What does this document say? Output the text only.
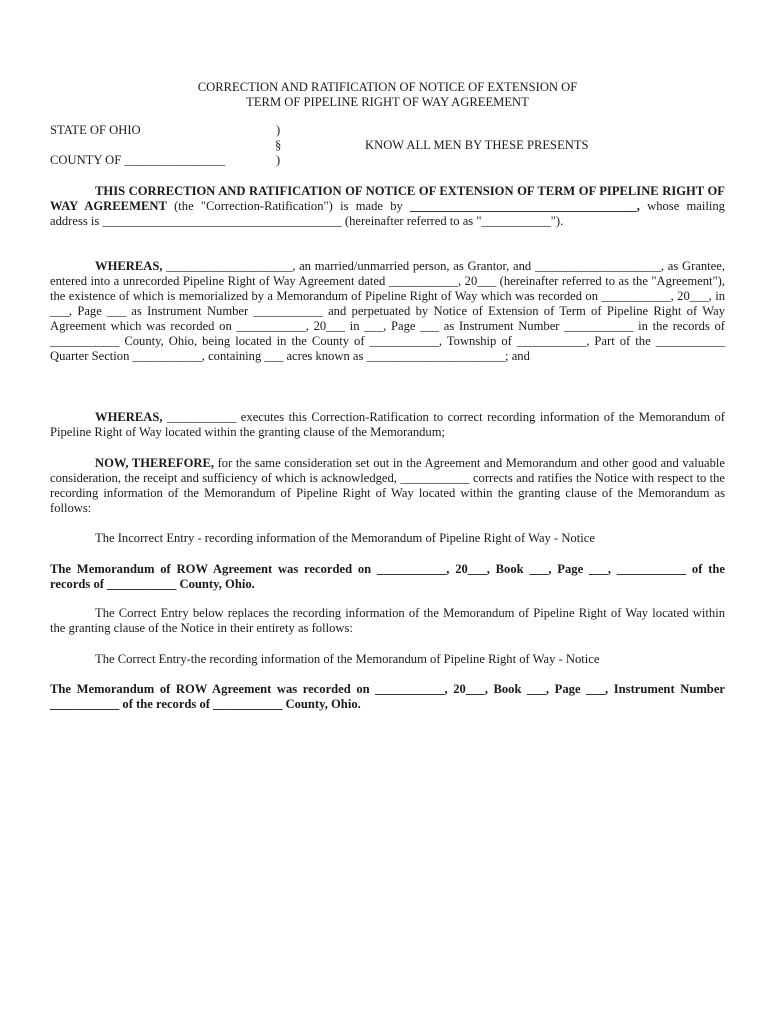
CORRECTION AND RATIFICATION OF NOTICE OF EXTENSION OF
TERM OF PIPELINE RIGHT OF WAY AGREEMENT
STATE OF OHIO
COUNTY OF ________________
)
§
)
KNOW ALL MEN BY THESE PRESENTS

THIS CORRECTION AND RATIFICATION OF NOTICE OF EXTENSION OF TERM OF PIPELINE RIGHT OF WAY AGREEMENT (the "Correction-Ratification") is made by ____________________________________, whose mailing address is ______________________________________ (hereinafter referred to as "___________").

WHEREAS, ____________________, an married/unmarried person, as Grantor, and ____________________, as Grantee, entered into a unrecorded Pipeline Right of Way Agreement dated ___________, 20___ (hereinafter referred to as the "Agreement"), the existence of which is memorialized by a Memorandum of Pipeline Right of Way which was recorded on ___________, 20___, in ___, Page ___ as Instrument Number ___________ and perpetuated by Notice of Extension of Term of Pipeline Right of Way Agreement which was recorded on ___________, 20___ in ___, Page ___ as Instrument Number ___________ in the records of ___________ County, Ohio, being located in the County of ___________, Township of ___________, Part of the ___________ Quarter Section ___________, containing ___ acres known as ______________________; and

WHEREAS, ___________ executes this Correction-Ratification to correct recording information of the Memorandum of Pipeline Right of Way located within the granting clause of the Memorandum;

NOW, THEREFORE, for the same consideration set out in the Agreement and Memorandum and other good and valuable consideration, the receipt and sufficiency of which is acknowledged, ___________ corrects and ratifies the Notice with respect to the recording information of the Memorandum of Pipeline Right of Way located within the granting clause of the Memorandum as follows:

The Incorrect Entry - recording information of the Memorandum of Pipeline Right of Way - Notice

The Memorandum of ROW Agreement was recorded on ___________, 20___, Book ___, Page ___, ___________ of the records of ___________ County, Ohio.

The Correct Entry below replaces the recording information of the Memorandum of Pipeline Right of Way located within the granting clause of the Notice in their entirety as follows:

The Correct Entry-the recording information of the Memorandum of Pipeline Right of Way - Notice

The Memorandum of ROW Agreement was recorded on ___________, 20___, Book ___, Page ___, Instrument Number ___________ of the records of ___________ County, Ohio.
